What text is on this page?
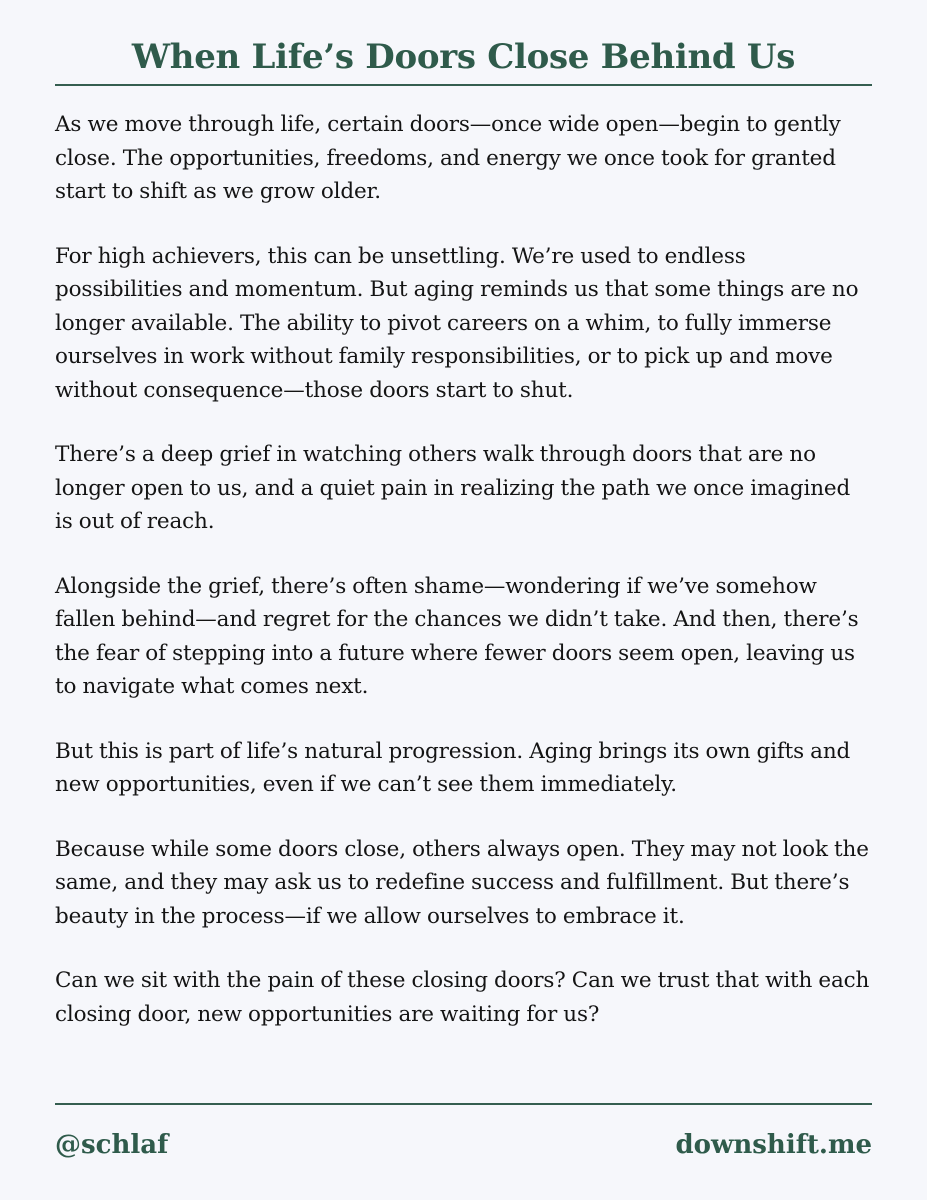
When Life’s Doors Close Behind Us

As we move through life, certain doors—once wide open—begin to gently close. The opportunities, freedoms, and energy we once took for granted start to shift as we grow older.

For high achievers, this can be unsettling. We’re used to endless possibilities and momentum. But aging reminds us that some things are no longer available. The ability to pivot careers on a whim, to fully immerse ourselves in work without family responsibilities, or to pick up and move without consequence—those doors start to shut.

There’s a deep grief in watching others walk through doors that are no longer open to us, and a quiet pain in realizing the path we once imagined is out of reach.

Alongside the grief, there’s often shame—wondering if we’ve somehow fallen behind—and regret for the chances we didn’t take. And then, there’s the fear of stepping into a future where fewer doors seem open, leaving us to navigate what comes next.

But this is part of life’s natural progression. Aging brings its own gifts and new opportunities, even if we can’t see them immediately.

Because while some doors close, others always open. They may not look the same, and they may ask us to redefine success and fulfillment. But there’s beauty in the process—if we allow ourselves to embrace it.

Can we sit with the pain of these closing doors? Can we trust that with each closing door, new opportunities are waiting for us?

@schlaf	downshift.me
